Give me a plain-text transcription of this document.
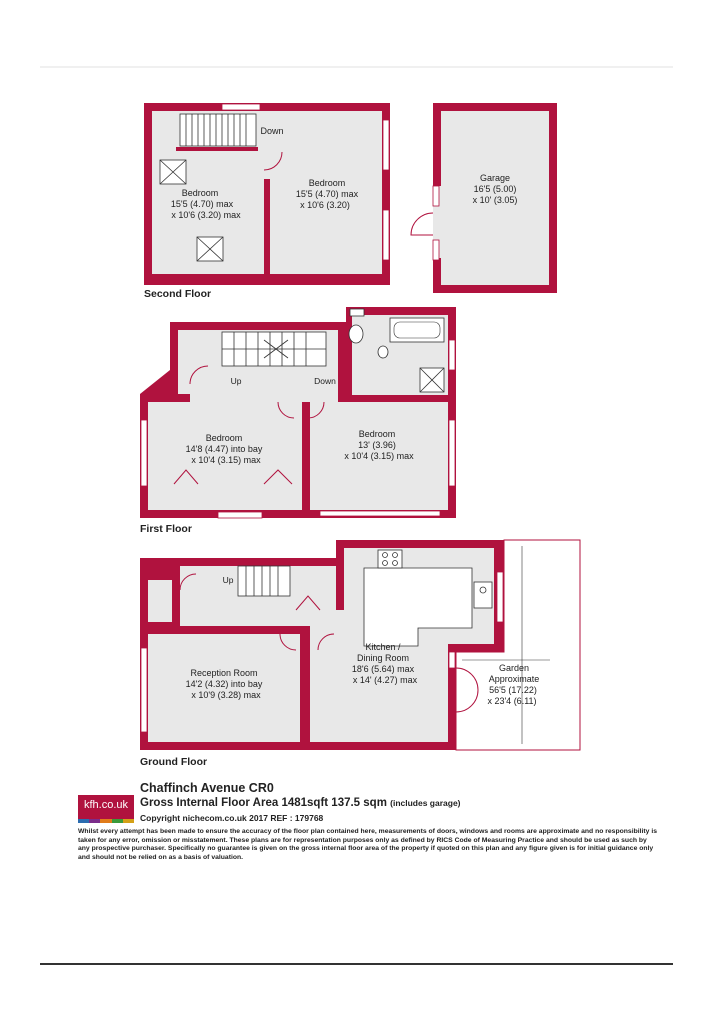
Down
Bedroom
15'5 (4.70) max
x 10'6 (3.20) max
Bedroom
15'5 (4.70) max
x 10'6 (3.20)
Second Floor
Garage
16'5 (5.00)
x 10' (3.05)
Up	Down
Bedroom
14'8 (4.47) into bay
x 10'4 (3.15) max
Bedroom
13' (3.96)
x 10'4 (3.15) max
First Floor
Up
Reception Room
14'2 (4.32) into bay
x 10'9 (3.28) max
Kitchen /
Dining Room
18'6 (5.64) max
x 14' (4.27) max
Garden
Approximate
56'5 (17.22)
x 23'4 (6.11)
Ground Floor
kfh.co.uk
Chaffinch Avenue CR0
Gross Internal Floor Area 1481sqft 137.5 sqm (includes garage)
Copyright nichecom.co.uk 2017 REF : 179768
Whilst every attempt has been made to ensure the accuracy of the floor plan contained here, measurements of doors, windows and rooms are approximate and no responsibility is taken for any error, omission or misstatement. These plans are for representation purposes only as defined by RICS Code of Measuring Practice and should be used as such by any prospective purchaser. Specifically no guarantee is given on the gross internal floor area of the property if quoted on this plan and any figure given is for initial guidance only and should not be relied on as a basis of valuation.
